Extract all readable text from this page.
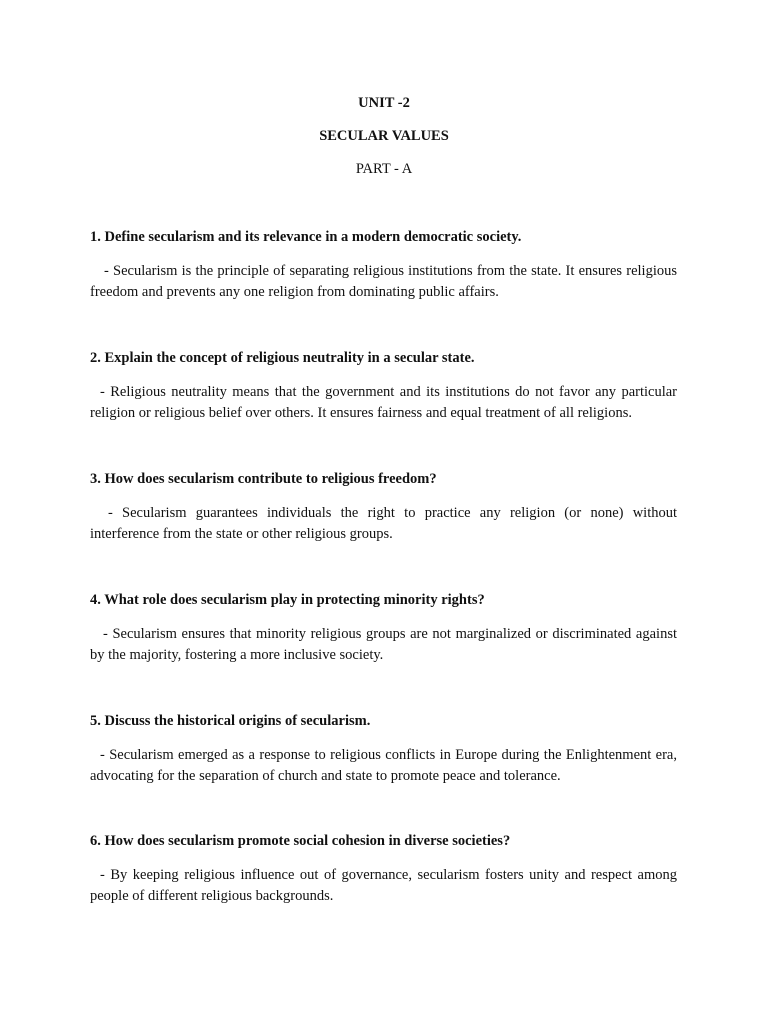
UNIT -2
SECULAR VALUES
PART - A

1. Define secularism and its relevance in a modern democratic society.

- Secularism is the principle of separating religious institutions from the state. It ensures religious freedom and prevents any one religion from dominating public affairs.

2. Explain the concept of religious neutrality in a secular state.

- Religious neutrality means that the government and its institutions do not favor any particular religion or religious belief over others. It ensures fairness and equal treatment of all religions.

3. How does secularism contribute to religious freedom?

- Secularism guarantees individuals the right to practice any religion (or none) without interference from the state or other religious groups.

4. What role does secularism play in protecting minority rights?

- Secularism ensures that minority religious groups are not marginalized or discriminated against by the majority, fostering a more inclusive society.

5. Discuss the historical origins of secularism.

- Secularism emerged as a response to religious conflicts in Europe during the Enlightenment era, advocating for the separation of church and state to promote peace and tolerance.

6. How does secularism promote social cohesion in diverse societies?

- By keeping religious influence out of governance, secularism fosters unity and respect among people of different religious backgrounds.
